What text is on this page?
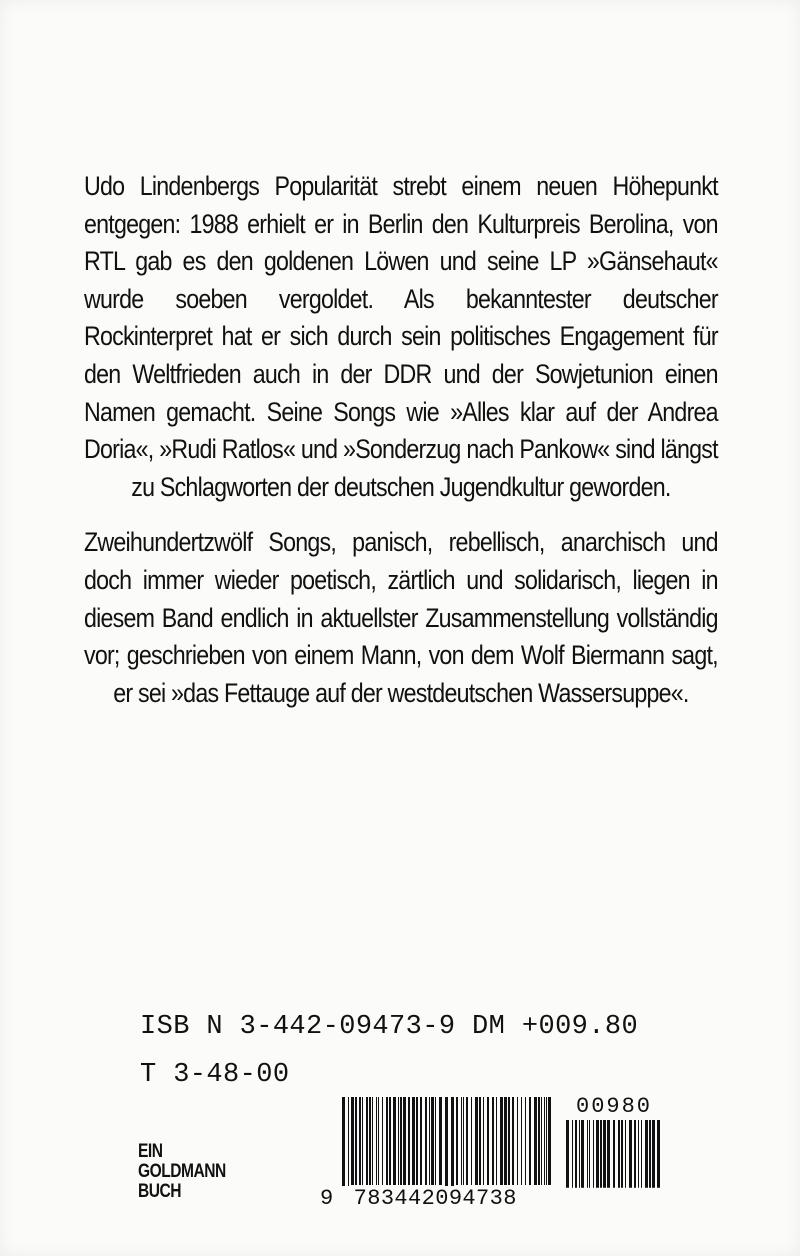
Udo Lindenbergs Popularität strebt einem neuen Höhepunkt entgegen: 1988 erhielt er in Berlin den Kulturpreis Berolina, von RTL gab es den goldenen Löwen und seine LP »Gänsehaut« wurde soeben vergoldet. Als bekanntester deutscher Rockinterpret hat er sich durch sein politisches Engagement für den Weltfrieden auch in der DDR und der Sowjetunion einen Namen gemacht. Seine Songs wie »Alles klar auf der Andrea Doria«, »Rudi Ratlos« und »Sonderzug nach Pankow« sind längst zu Schlagworten der deutschen Jugendkultur geworden.

Zweihundertzwölf Songs, panisch, rebellisch, anarchisch und doch immer wieder poetisch, zärtlich und solidarisch, liegen in diesem Band endlich in aktuellster Zusammenstellung vollständig vor; geschrieben von einem Mann, von dem Wolf Biermann sagt, er sei »das Fettauge auf der westdeutschen Wassersuppe«.

ISB N 3-442-09473-9 DM +009.80
T 3-48-00
EIN
GOLDMANN
BUCH
00980
9 783442094738
